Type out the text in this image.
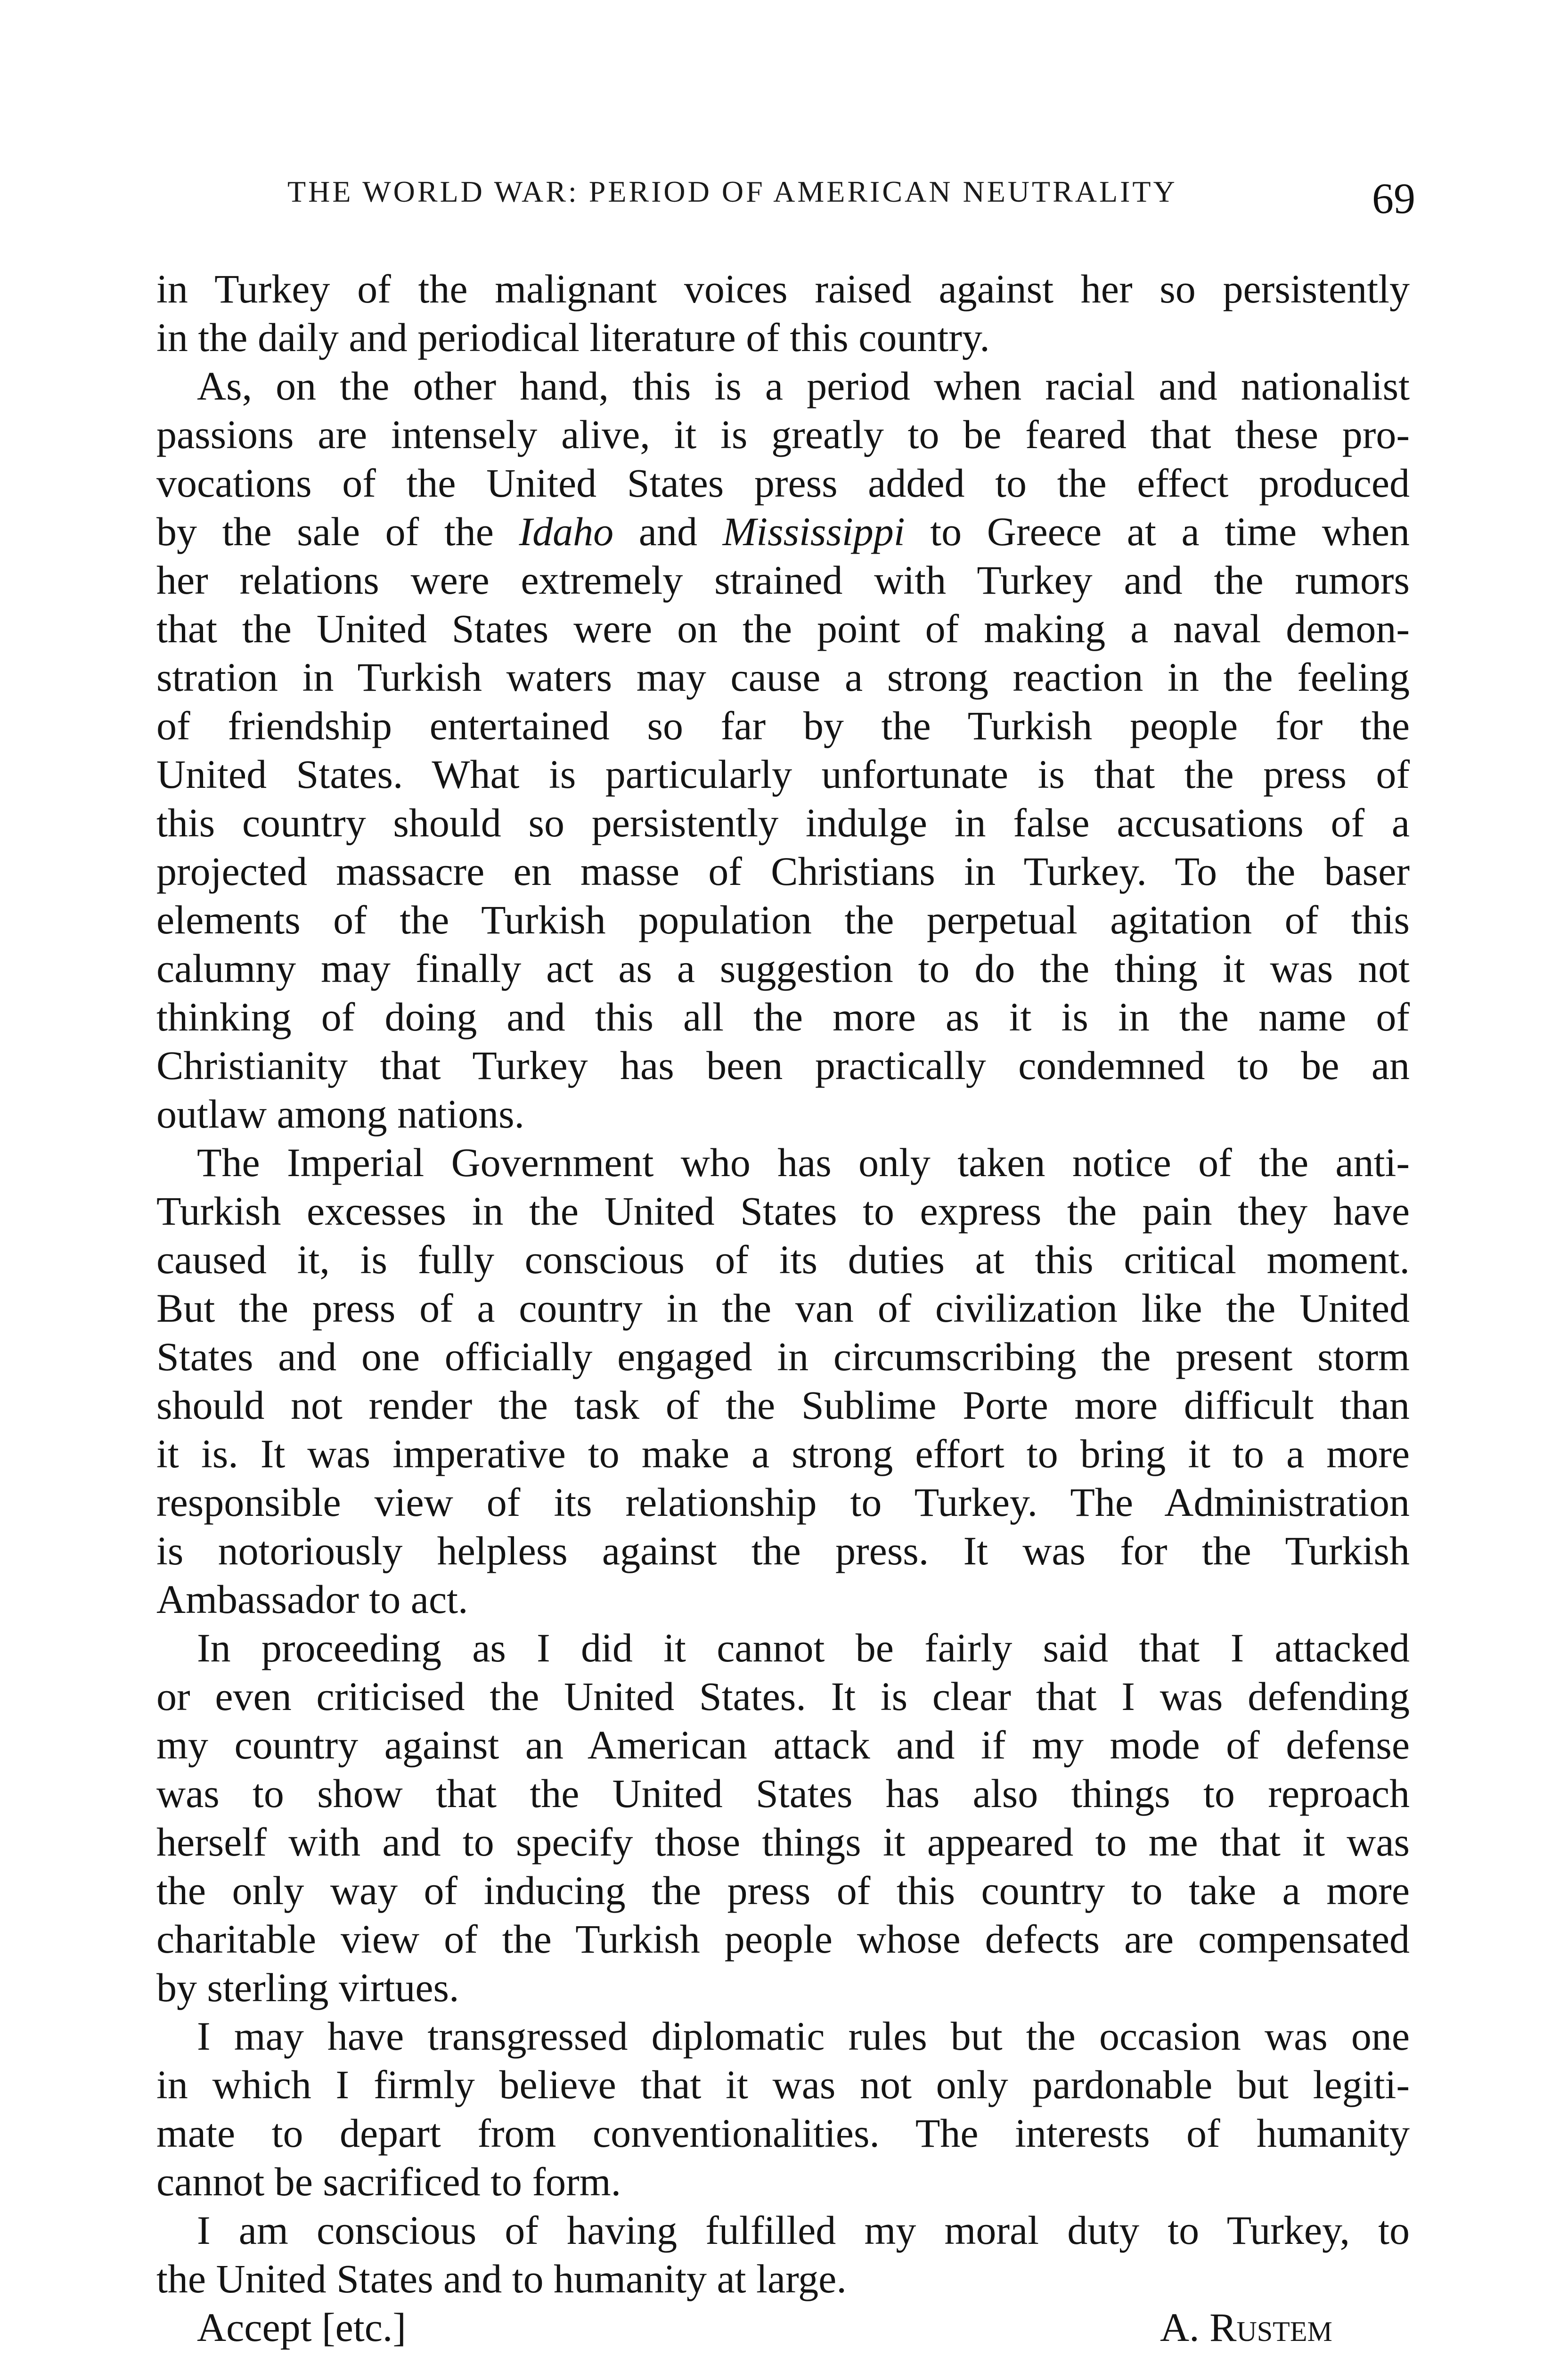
THE WORLD WAR: PERIOD OF AMERICAN NEUTRALITY	69
in Turkey of the malignant voices raised against her so persistently
in the daily and periodical literature of this country.
As, on the other hand, this is a period when racial and nationalist
passions are intensely alive, it is greatly to be feared that these pro-
vocations of the United States press added to the effect produced
by the sale of the Idaho and Mississippi to Greece at a time when
her relations were extremely strained with Turkey and the rumors
that the United States were on the point of making a naval demon-
stration in Turkish waters may cause a strong reaction in the feeling
of friendship entertained so far by the Turkish people for the
United States. What is particularly unfortunate is that the press of
this country should so persistently indulge in false accusations of a
projected massacre en masse of Christians in Turkey. To the baser
elements of the Turkish population the perpetual agitation of this
calumny may finally act as a suggestion to do the thing it was not
thinking of doing and this all the more as it is in the name of
Christianity that Turkey has been practically condemned to be an
outlaw among nations.
The Imperial Government who has only taken notice of the anti-
Turkish excesses in the United States to express the pain they have
caused it, is fully conscious of its duties at this critical moment.
But the press of a country in the van of civilization like the United
States and one officially engaged in circumscribing the present storm
should not render the task of the Sublime Porte more difficult than
it is. It was imperative to make a strong effort to bring it to a more
responsible view of its relationship to Turkey. The Administration
is notoriously helpless against the press. It was for the Turkish
Ambassador to act.
In proceeding as I did it cannot be fairly said that I attacked
or even criticised the United States. It is clear that I was defending
my country against an American attack and if my mode of defense
was to show that the United States has also things to reproach
herself with and to specify those things it appeared to me that it was
the only way of inducing the press of this country to take a more
charitable view of the Turkish people whose defects are compensated
by sterling virtues.
I may have transgressed diplomatic rules but the occasion was one
in which I firmly believe that it was not only pardonable but legiti-
mate to depart from conventionalities. The interests of humanity
cannot be sacrificed to form.
I am conscious of having fulfilled my moral duty to Turkey, to
the United States and to humanity at large.
Accept [etc.]	A. Rustem
